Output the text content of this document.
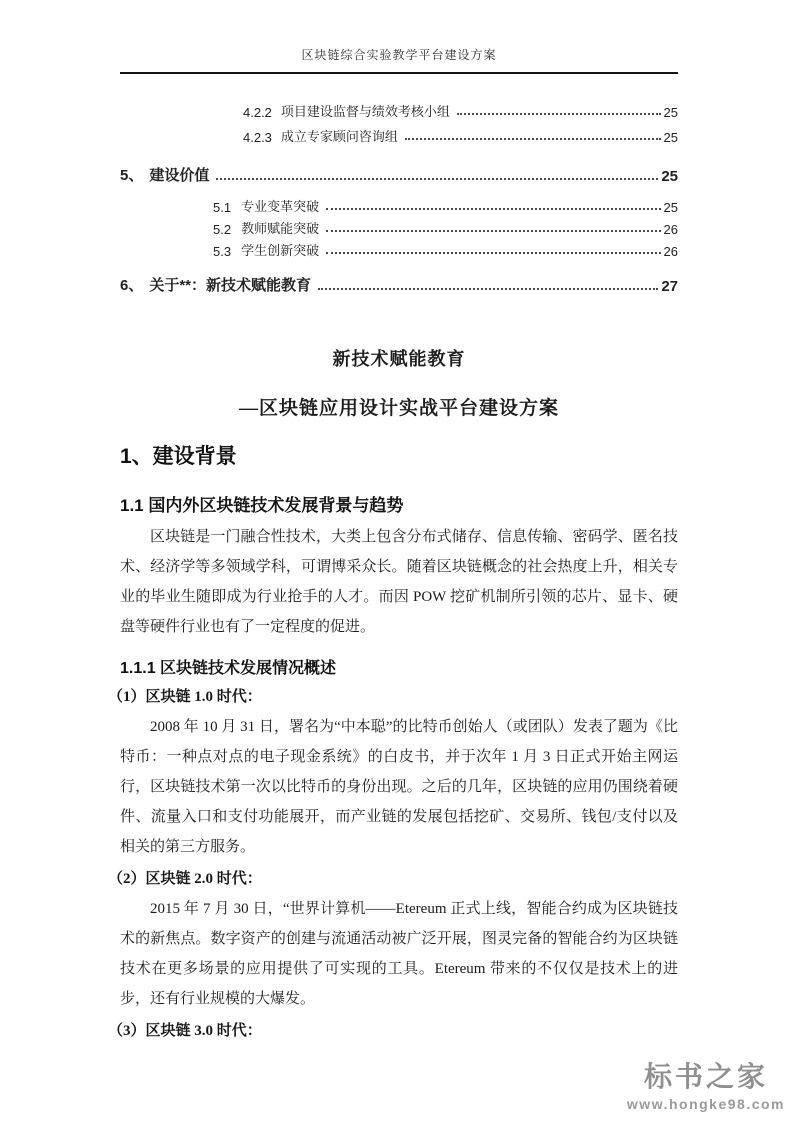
区块链综合实验教学平台建设方案
4.2.2 项目建设监督与绩效考核小组	25
4.2.3 成立专家顾问咨询组	25
5、 建设价值	25
5.1 专业变革突破	25
5.2 教师赋能突破	26
5.3 学生创新突破	26
6、 关于**：新技术赋能教育	27
新技术赋能教育
—区块链应用设计实战平台建设方案
1、建设背景
1.1 国内外区块链技术发展背景与趋势

区块链是一门融合性技术，大类上包含分布式储存、信息传输、密码学、匿名技术、经济学等多领域学科，可谓博采众长。随着区块链概念的社会热度上升，相关专业的毕业生随即成为行业抢手的人才。而因 POW 挖矿机制所引领的芯片、显卡、硬盘等硬件行业也有了一定程度的促进。

1.1.1 区块链技术发展情况概述

（1）区块链 1.0 时代：

2008 年 10 月 31 日，署名为“中本聪”的比特币创始人（或团队）发表了题为《比特币：一种点对点的电子现金系统》的白皮书，并于次年 1 月 3 日正式开始主网运行，区块链技术第一次以比特币的身份出现。之后的几年，区块链的应用仍围绕着硬件、流量入口和支付功能展开，而产业链的发展包括挖矿、交易所、钱包/支付以及相关的第三方服务。

（2）区块链 2.0 时代：

2015 年 7 月 30 日，“世界计算机——Etereum 正式上线，智能合约成为区块链技术的新焦点。数字资产的创建与流通活动被广泛开展，图灵完备的智能合约为区块链技术在更多场景的应用提供了可实现的工具。Etereum 带来的不仅仅是技术上的进步，还有行业规模的大爆发。

（3）区块链 3.0 时代：

标书之家
www.hongke98.com
